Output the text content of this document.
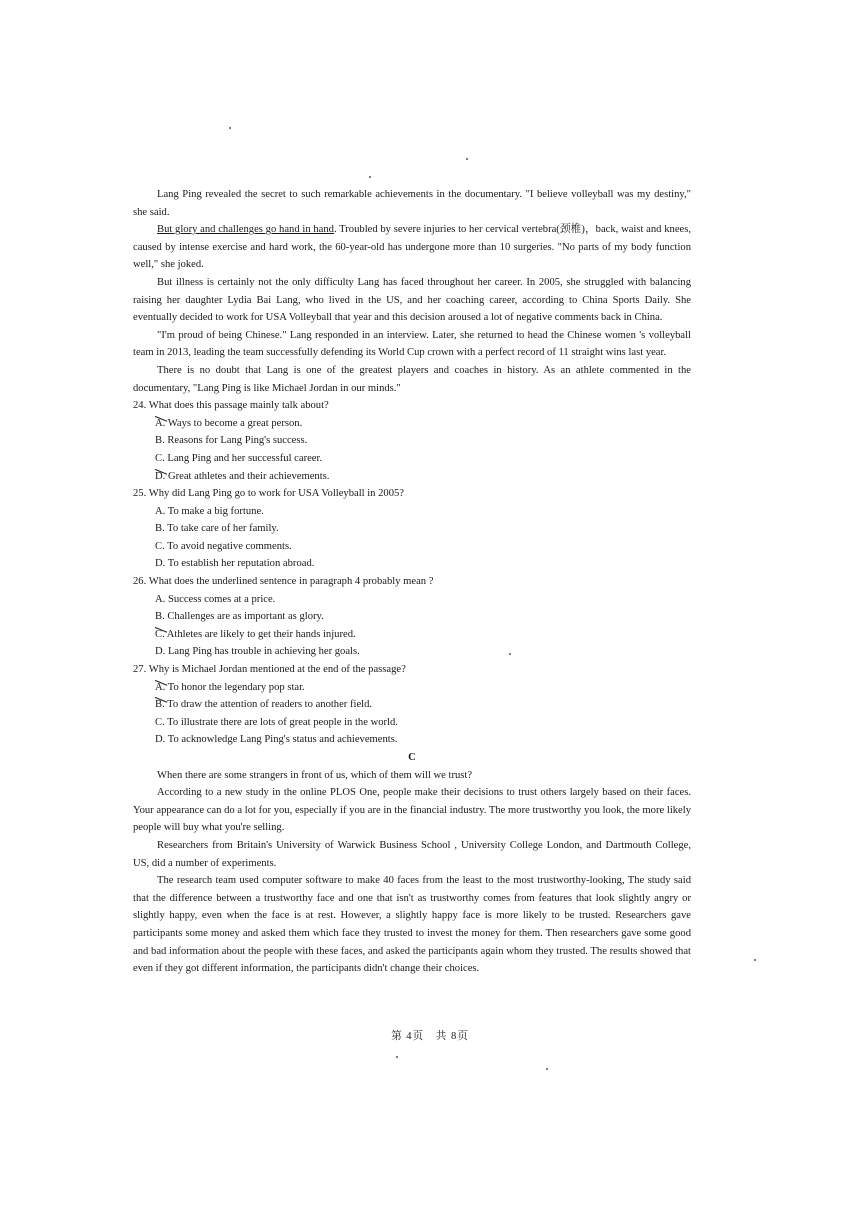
Lang Ping revealed the secret to such remarkable achievements in the documentary. "I believe volleyball was my destiny," she said.

But glory and challenges go hand in hand. Troubled by severe injuries to her cervical vertebra(颈椎)，back, waist and knees, caused by intense exercise and hard work, the 60-year-old has undergone more than 10 surgeries. "No parts of my body function well," she joked.

But illness is certainly not the only difficulty Lang has faced throughout her career. In 2005, she struggled with balancing raising her daughter Lydia Bai Lang, who lived in the US, and her coaching career, according to China Sports Daily. She eventually decided to work for USA Volleyball that year and this decision aroused a lot of negative comments back in China.

"I'm proud of being Chinese." Lang responded in an interview. Later, she returned to head the Chinese women 's volleyball team in 2013, leading the team successfully defending its World Cup crown with a perfect record of 11 straight wins last year.

There is no doubt that Lang is one of the greatest players and coaches in history. As an athlete commented in the documentary, "Lang Ping is like Michael Jordan in our minds."

24. What does this passage mainly talk about?

A. Ways to become a great person.

B. Reasons for Lang Ping's success.

C. Lang Ping and her successful career.

D. Great athletes and their achievements.

25. Why did Lang Ping go to work for USA Volleyball in 2005?

A. To make a big fortune.

B. To take care of her family.

C. To avoid negative comments.

D. To establish her reputation abroad.

26. What does the underlined sentence in paragraph 4 probably mean ?

A. Success comes at a price.

B. Challenges are as important as glory.

C. Athletes are likely to get their hands injured.

D. Lang Ping has trouble in achieving her goals.

27. Why is Michael Jordan mentioned at the end of the passage?

A. To honor the legendary pop star.

B. To draw the attention of readers to another field.

C. To illustrate there are lots of great people in the world.

D. To acknowledge Lang Ping's status and achievements.

C

When there are some strangers in front of us, which of them will we trust?

According to a new study in the online PLOS One, people make their decisions to trust others largely based on their faces. Your appearance can do a lot for you, especially if you are in the financial industry. The more trustworthy you look, the more likely people will buy what you're selling.

Researchers from Britain's University of Warwick Business School , University College London, and Dartmouth College, US, did a number of experiments.

The research team used computer software to make 40 faces from the least to the most trustworthy-looking, The study said that the difference between a trustworthy face and one that isn't as trustworthy comes from features that look slightly angry or slightly happy, even when the face is at rest. However, a slightly happy face is more likely to be trusted. Researchers gave participants some money and asked them which face they trusted to invest the money for them. Then researchers gave some good and bad information about the people with these faces, and asked the participants again whom they trusted. The results showed that even if they got different information, the participants didn't change their choices.

第 4页　共 8页
